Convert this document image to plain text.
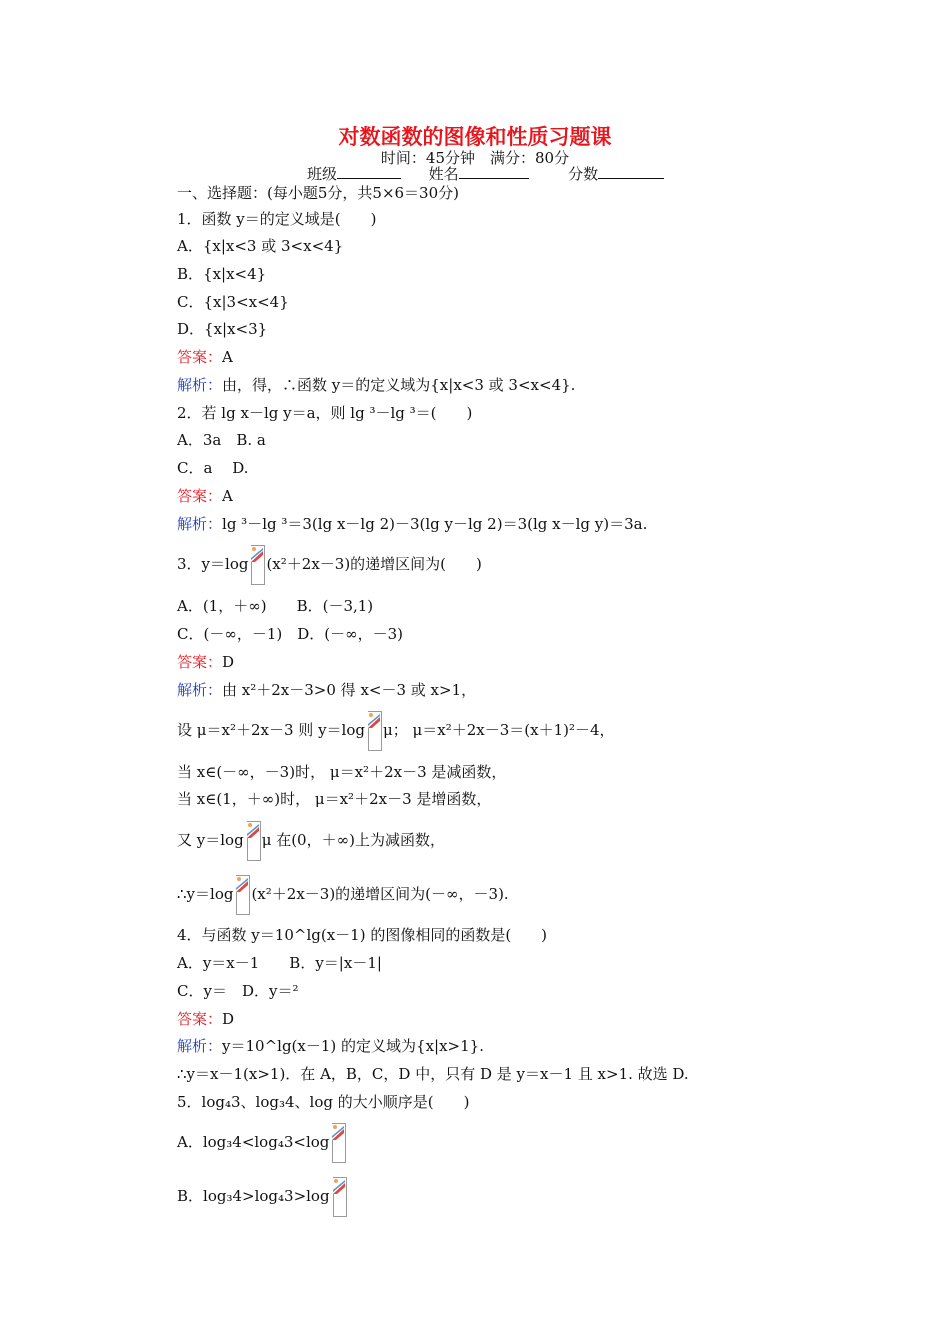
对数函数的图像和性质习题课
时间：45分钟　满分：80分
班级	姓名	分数
一、选择题：(每小题5分，共5×6＝30分)
1．函数 y＝的定义域是(　　)
A．{x|x<3 或 3<x<4}
B．{x|x<4}
C．{x|3<x<4}
D．{x|x<3}
答案：A
解析：由，得，∴函数 y＝的定义域为{x|x<3 或 3<x<4}.
2．若 lg x－lg y＝a，则 lg ³－lg ³＝(　　)
A．3a　B. a
C．a　 D.
答案：A
解析：lg ³－lg ³＝3(lg x－lg 2)－3(lg y－lg 2)＝3(lg x－lg y)＝3a.
3．y＝log (x²＋2x－3)的递增区间为(　　)
A．(1，＋∞)　　B．(－3,1)
C．(－∞，－1)　D．(－∞，－3)
答案：D
解析：由 x²＋2x－3>0 得 x<－3 或 x>1，
设 μ＝x²＋2x－3 则 y＝log μ； μ＝x²＋2x－3＝(x＋1)²－4，
当 x∈(－∞，－3)时， μ＝x²＋2x－3 是减函数，
当 x∈(1，＋∞)时， μ＝x²＋2x－3 是增函数，
又 y＝log μ 在(0，＋∞)上为减函数，
∴y＝log (x²＋2x－3)的递增区间为(－∞，－3).
4．与函数 y＝10^lg(x－1) 的图像相同的函数是(　　)
A．y＝x－1　　B．y＝|x－1|
C．y＝　D．y＝²
答案：D
解析：y＝10^lg(x－1) 的定义域为{x|x>1}.
∴y＝x－1(x>1)．在 A，B，C，D 中，只有 D 是 y＝x－1 且 x>1. 故选 D.
5．log₄3、log₃4、log 的大小顺序是(　　)
A．log₃4<log₄3<log
B．log₃4>log₄3>log
